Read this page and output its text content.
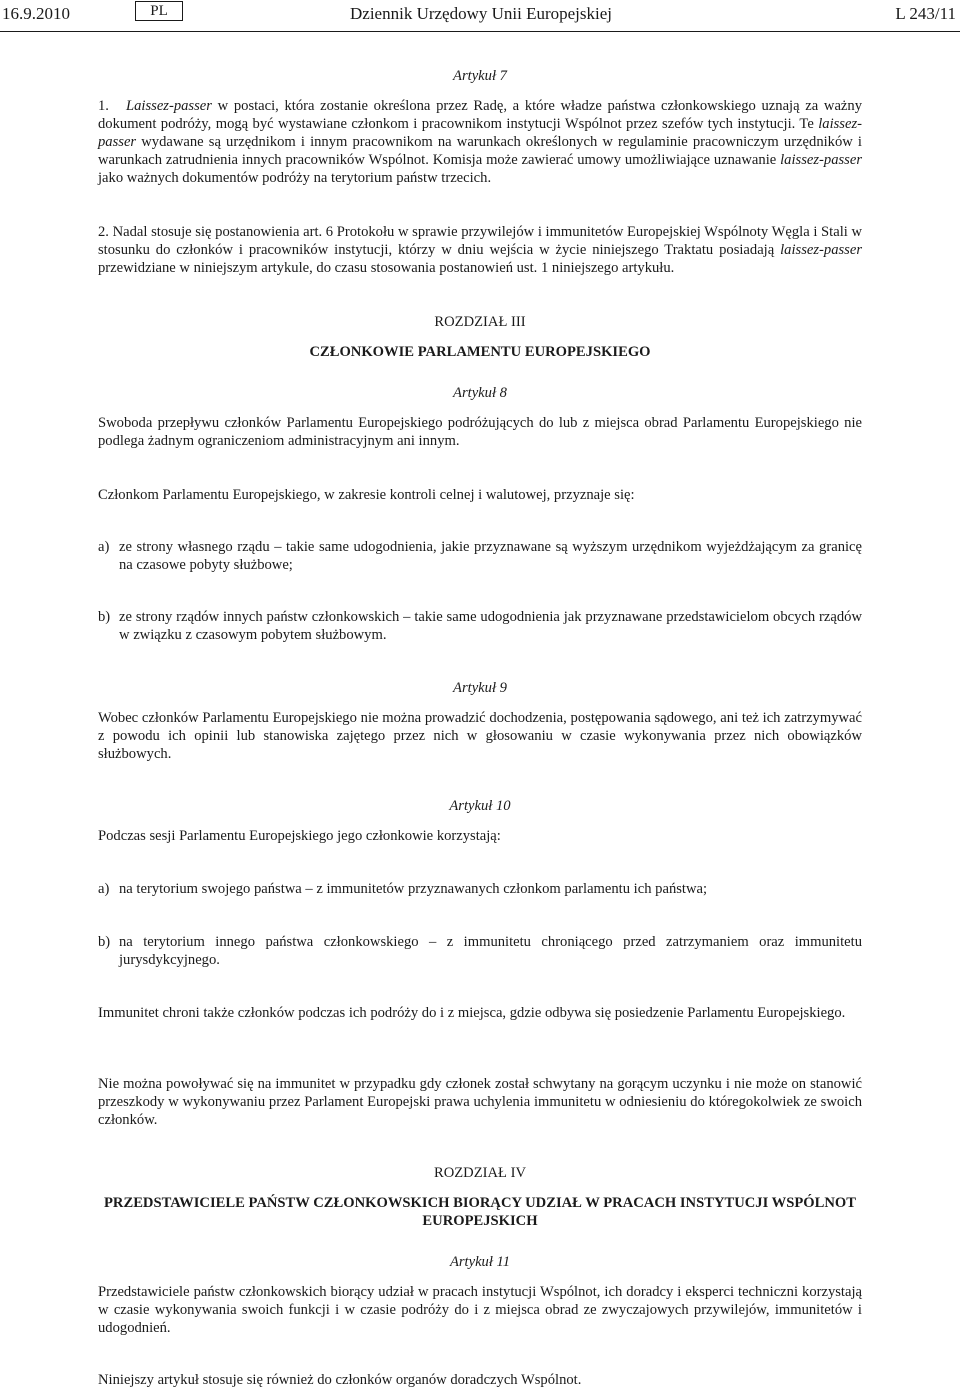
16.9.2010	PL	Dziennik Urzędowy Unii Europejskiej	L 243/11
Artykuł 7
1. Laissez-passer w postaci, która zostanie określona przez Radę, a które władze państwa członkowskiego uznają za ważny dokument podróży, mogą być wystawiane członkom i pracownikom instytucji Wspólnot przez szefów tych instytucji. Te laissez-passer wydawane są urzędnikom i innym pracownikom na warunkach określonych w regulaminie pracowniczym urzędników i warunkach zatrudnienia innych pracowników Wspólnot. Komisja może zawierać umowy umożliwiające uznawanie laissez-passer jako ważnych dokumentów podróży na terytorium państw trzecich.
2. Nadal stosuje się postanowienia art. 6 Protokołu w sprawie przywilejów i immunitetów Europejskiej Wspólnoty Węgla i Stali w stosunku do członków i pracowników instytucji, którzy w dniu wejścia w życie niniejszego Traktatu posiadają laissez-passer przewidziane w niniejszym artykule, do czasu stosowania postanowień ust. 1 niniejszego artykułu.
ROZDZIAŁ III
CZŁONKOWIE PARLAMENTU EUROPEJSKIEGO
Artykuł 8
Swoboda przepływu członków Parlamentu Europejskiego podróżujących do lub z miejsca obrad Parlamentu Europejskiego nie podlega żadnym ograniczeniom administracyjnym ani innym.
Członkom Parlamentu Europejskiego, w zakresie kontroli celnej i walutowej, przyznaje się:
a) ze strony własnego rządu – takie same udogodnienia, jakie przyznawane są wyższym urzędnikom wyjeżdżającym za granicę na czasowe pobyty służbowe;
b) ze strony rządów innych państw członkowskich – takie same udogodnienia jak przyznawane przedstawicielom obcych rządów w związku z czasowym pobytem służbowym.
Artykuł 9
Wobec członków Parlamentu Europejskiego nie można prowadzić dochodzenia, postępowania sądowego, ani też ich zatrzymywać z powodu ich opinii lub stanowiska zajętego przez nich w głosowaniu w czasie wykonywania przez nich obowiązków służbowych.
Artykuł 10
Podczas sesji Parlamentu Europejskiego jego członkowie korzystają:
a) na terytorium swojego państwa – z immunitetów przyznawanych członkom parlamentu ich państwa;
b) na terytorium innego państwa członkowskiego – z immunitetu chroniącego przed zatrzymaniem oraz immunitetu jurysdykcyjnego.
Immunitet chroni także członków podczas ich podróży do i z miejsca, gdzie odbywa się posiedzenie Parlamentu Europejskiego.
Nie można powoływać się na immunitet w przypadku gdy członek został schwytany na gorącym uczynku i nie może on stanowić przeszkody w wykonywaniu przez Parlament Europejski prawa uchylenia immunitetu w odniesieniu do któregokolwiek ze swoich członków.
ROZDZIAŁ IV
PRZEDSTAWICIELE PAŃSTW CZŁONKOWSKICH BIORĄCY UDZIAŁ W PRACACH INSTYTUCJI WSPÓLNOT EUROPEJSKICH
Artykuł 11
Przedstawiciele państw członkowskich biorący udział w pracach instytucji Wspólnot, ich doradcy i eksperci techniczni korzystają w czasie wykonywania swoich funkcji i w czasie podróży do i z miejsca obrad ze zwyczajowych przywilejów, immunitetów i udogodnień.
Niniejszy artykuł stosuje się również do członków organów doradczych Wspólnot.
